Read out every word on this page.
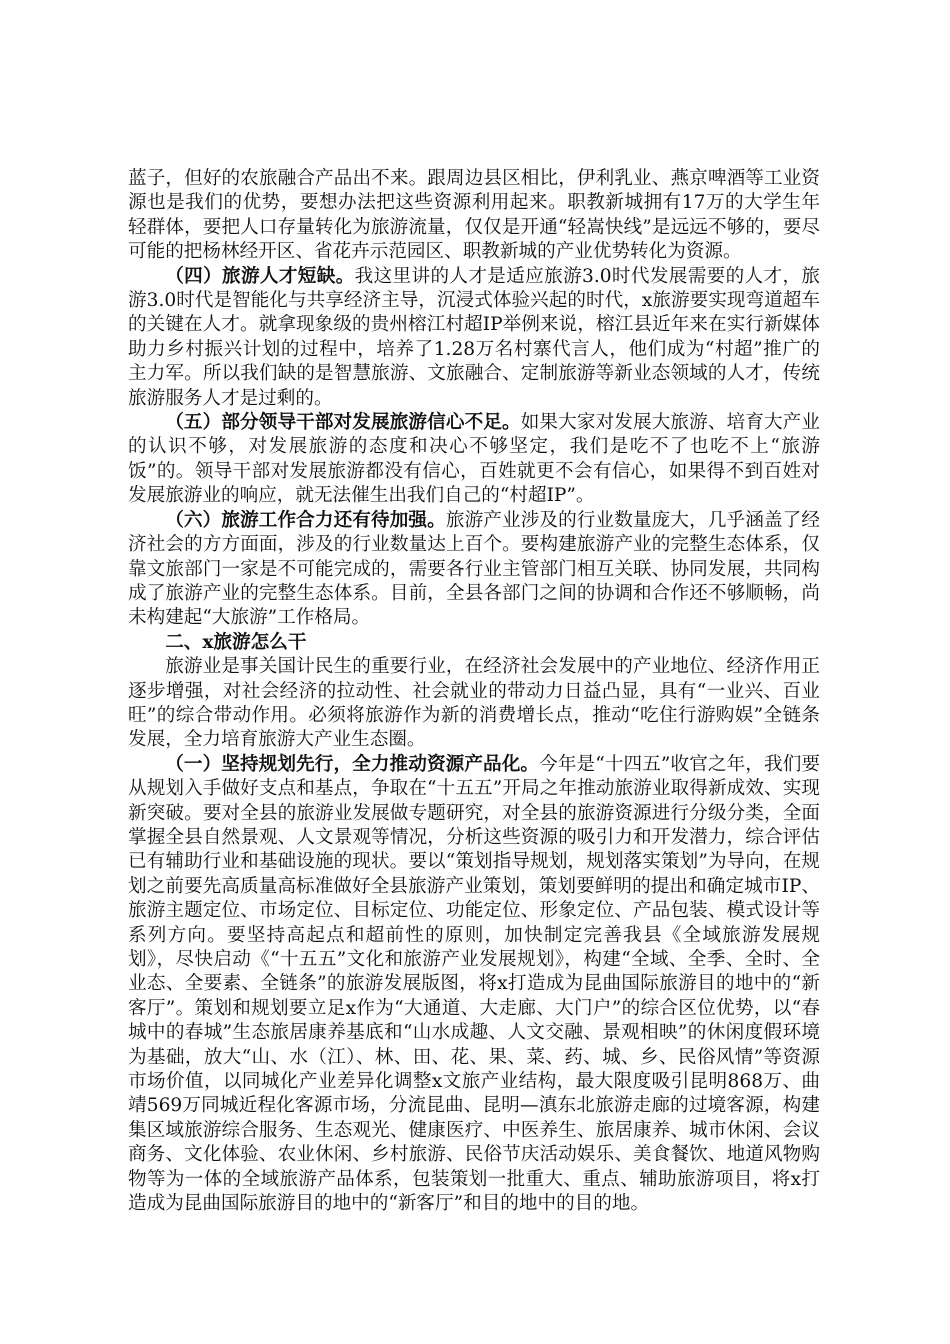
蓝子，但好的农旅融合产品出不来。跟周边县区相比，伊利乳业、燕京啤酒等工业资源也是我们的优势，要想办法把这些资源利用起来。职教新城拥有17万的大学生年轻群体，要把人口存量转化为旅游流量，仅仅是开通“轻嵩快线”是远远不够的，要尽可能的把杨林经开区、省花卉示范园区、职教新城的产业优势转化为资源。

（四）旅游人才短缺。我这里讲的人才是适应旅游3.0时代发展需要的人才，旅游3.0时代是智能化与共享经济主导，沉浸式体验兴起的时代，x旅游要实现弯道超车的关键在人才。就拿现象级的贵州榕江村超IP举例来说，榕江县近年来在实行新媒体助力乡村振兴计划的过程中，培养了1.28万名村寨代言人，他们成为“村超”推广的主力军。所以我们缺的是智慧旅游、文旅融合、定制旅游等新业态领域的人才，传统旅游服务人才是过剩的。

（五）部分领导干部对发展旅游信心不足。如果大家对发展大旅游、培育大产业的认识不够，对发展旅游的态度和决心不够坚定，我们是吃不了也吃不上“旅游饭”的。领导干部对发展旅游都没有信心，百姓就更不会有信心，如果得不到百姓对发展旅游业的响应，就无法催生出我们自己的“村超IP”。

（六）旅游工作合力还有待加强。旅游产业涉及的行业数量庞大，几乎涵盖了经济社会的方方面面，涉及的行业数量达上百个。要构建旅游产业的完整生态体系，仅靠文旅部门一家是不可能完成的，需要各行业主管部门相互关联、协同发展，共同构成了旅游产业的完整生态体系。目前，全县各部门之间的协调和合作还不够顺畅，尚未构建起“大旅游”工作格局。

二、x旅游怎么干

旅游业是事关国计民生的重要行业，在经济社会发展中的产业地位、经济作用正逐步增强，对社会经济的拉动性、社会就业的带动力日益凸显，具有“一业兴、百业旺”的综合带动作用。必须将旅游作为新的消费增长点，推动“吃住行游购娱”全链条发展，全力培育旅游大产业生态圈。

（一）坚持规划先行，全力推动资源产品化。今年是“十四五”收官之年，我们要从规划入手做好支点和基点，争取在“十五五”开局之年推动旅游业取得新成效、实现新突破。要对全县的旅游业发展做专题研究，对全县的旅游资源进行分级分类，全面掌握全县自然景观、人文景观等情况，分析这些资源的吸引力和开发潜力，综合评估已有辅助行业和基础设施的现状。要以“策划指导规划，规划落实策划”为导向，在规划之前要先高质量高标准做好全县旅游产业策划，策划要鲜明的提出和确定城市IP、旅游主题定位、市场定位、目标定位、功能定位、形象定位、产品包装、模式设计等系列方向。要坚持高起点和超前性的原则，加快制定完善我县《全域旅游发展规划》，尽快启动《“十五五”文化和旅游产业发展规划》，构建“全域、全季、全时、全业态、全要素、全链条”的旅游发展版图，将x打造成为昆曲国际旅游目的地中的“新客厅”。策划和规划要立足x作为“大通道、大走廊、大门户”的综合区位优势，以“春城中的春城”生态旅居康养基底和“山水成趣、人文交融、景观相映”的休闲度假环境为基础，放大“山、水（江）、林、田、花、果、菜、药、城、乡、民俗风情”等资源市场价值，以同城化产业差异化调整x文旅产业结构，最大限度吸引昆明868万、曲靖569万同城近程化客源市场，分流昆曲、昆明—滇东北旅游走廊的过境客源，构建集区域旅游综合服务、生态观光、健康医疗、中医养生、旅居康养、城市休闲、会议商务、文化体验、农业休闲、乡村旅游、民俗节庆活动娱乐、美食餐饮、地道风物购物等为一体的全域旅游产品体系，包装策划一批重大、重点、辅助旅游项目，将x打造成为昆曲国际旅游目的地中的“新客厅”和目的地中的目的地。
